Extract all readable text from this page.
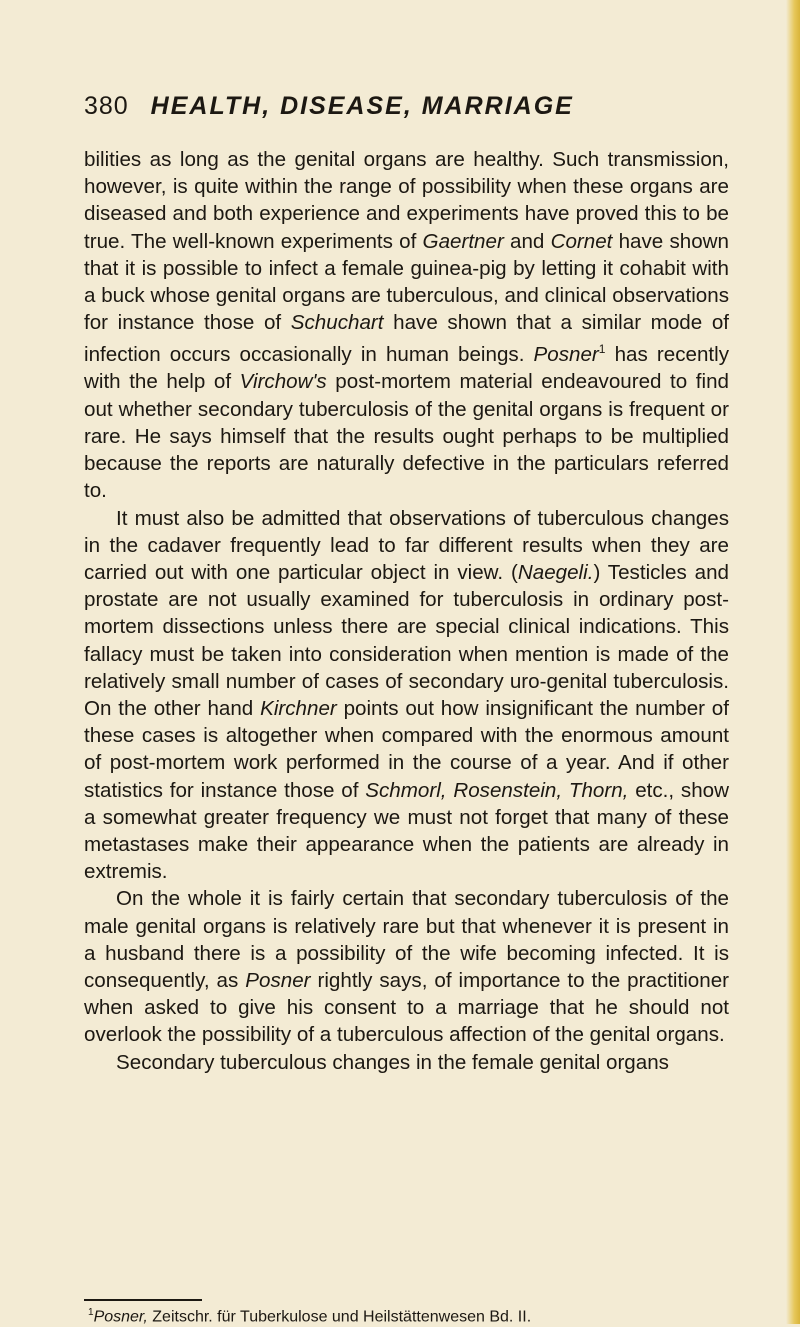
380 HEALTH, DISEASE, MARRIAGE

bilities as long as the genital organs are healthy. Such transmission, however, is quite within the range of possibility when these organs are diseased and both experience and experiments have proved this to be true. The well-known experiments of Gaertner and Cornet have shown that it is possible to infect a female guinea-pig by letting it cohabit with a buck whose genital organs are tuberculous, and clinical observations for instance those of Schuchart have shown that a similar mode of infection occurs occasionally in human beings. Posner$^1$ has recently with the help of Virchow's post-mortem material endeavoured to find out whether secondary tuberculosis of the genital organs is frequent or rare. He says himself that the results ought perhaps to be multiplied because the reports are naturally defective in the particulars referred to.

It must also be admitted that observations of tuberculous changes in the cadaver frequently lead to far different results when they are carried out with one particular object in view. (Naegeli.) Testicles and prostate are not usually examined for tuberculosis in ordinary post-mortem dissections unless there are special clinical indications. This fallacy must be taken into consideration when mention is made of the relatively small number of cases of secondary uro-genital tuberculosis. On the other hand Kirchner points out how insignificant the number of these cases is altogether when compared with the enormous amount of post-mortem work performed in the course of a year. And if other statistics for instance those of Schmorl, Rosenstein, Thorn, etc., show a somewhat greater frequency we must not forget that many of these metastases make their appearance when the patients are already in extremis.

On the whole it is fairly certain that secondary tuberculosis of the male genital organs is relatively rare but that whenever it is present in a husband there is a possibility of the wife becoming infected. It is consequently, as Posner rightly says, of importance to the practitioner when asked to give his consent to a marriage that he should not overlook the possibility of a tuberculous affection of the genital organs.

Secondary tuberculous changes in the female genital organs

$^1$Posner, Zeitschr. für Tuberkulose und Heilstättenwesen Bd. II.
